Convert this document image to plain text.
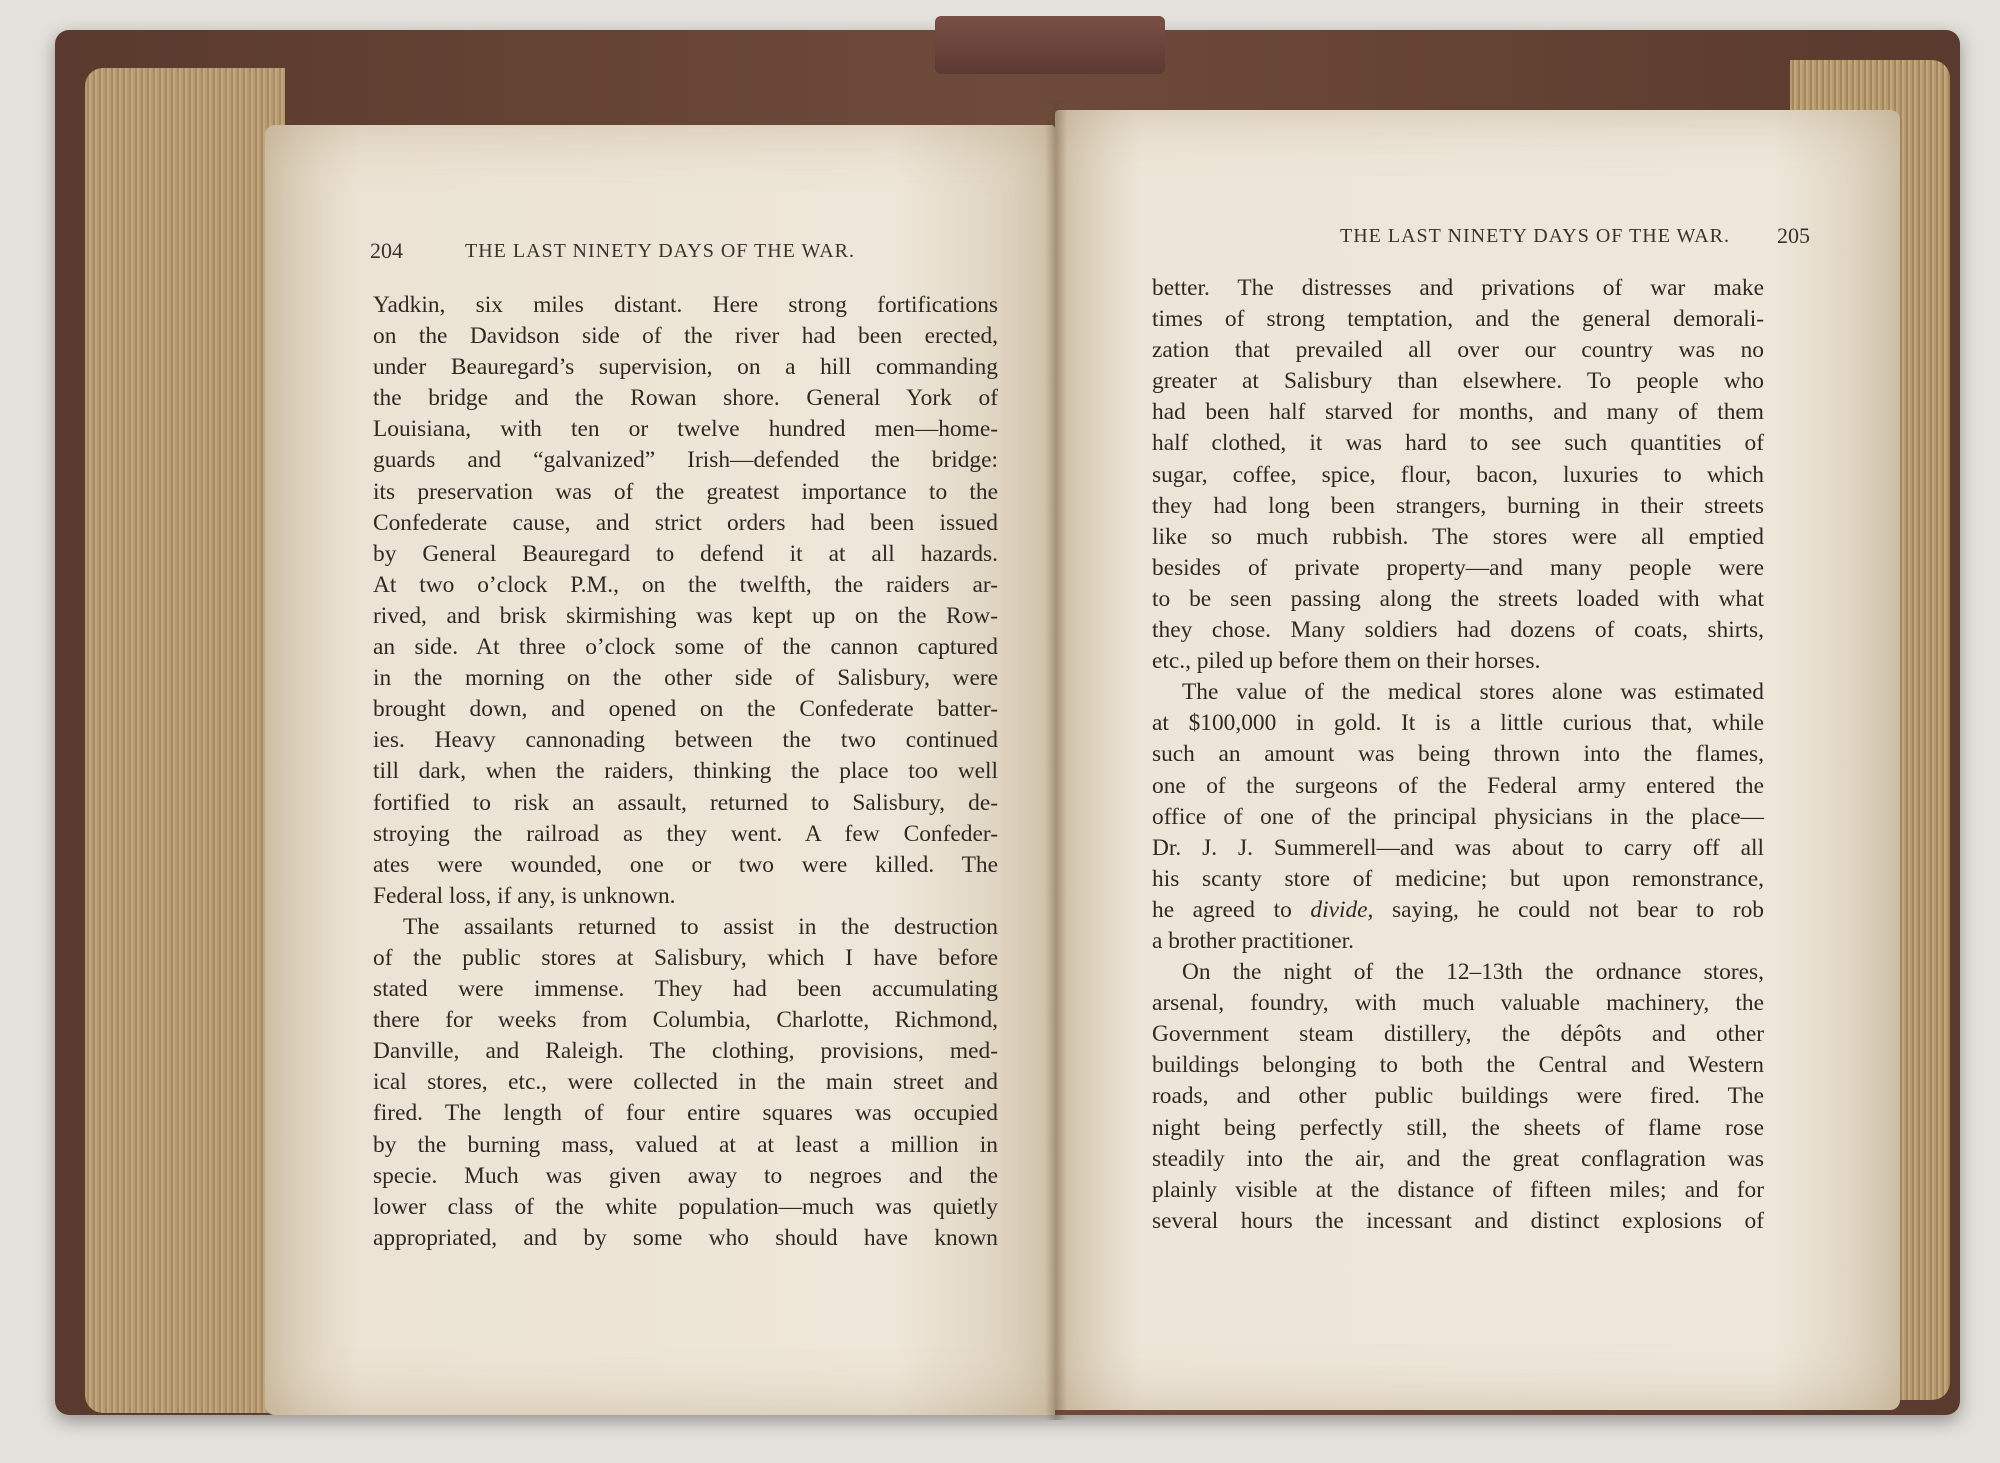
204	THE LAST NINETY DAYS OF THE WAR.
Yadkin, six miles distant. Here strong fortifications
on the Davidson side of the river had been erected,
under Beauregard’s supervision, on a hill commanding
the bridge and the Rowan shore. General York of
Louisiana, with ten or twelve hundred men—home-
guards and “galvanized” Irish—defended the bridge:
its preservation was of the greatest importance to the
Confederate cause, and strict orders had been issued
by General Beauregard to defend it at all hazards.
At two o’clock P.M., on the twelfth, the raiders ar-
rived, and brisk skirmishing was kept up on the Row-
an side. At three o’clock some of the cannon captured
in the morning on the other side of Salisbury, were
brought down, and opened on the Confederate batter-
ies. Heavy cannonading between the two continued
till dark, when the raiders, thinking the place too well
fortified to risk an assault, returned to Salisbury, de-
stroying the railroad as they went. A few Confeder-
ates were wounded, one or two were killed. The
Federal loss, if any, is unknown.
The assailants returned to assist in the destruction
of the public stores at Salisbury, which I have before
stated were immense. They had been accumulating
there for weeks from Columbia, Charlotte, Richmond,
Danville, and Raleigh. The clothing, provisions, med-
ical stores, etc., were collected in the main street and
fired. The length of four entire squares was occupied
by the burning mass, valued at at least a million in
specie. Much was given away to negroes and the
lower class of the white population—much was quietly
appropriated, and by some who should have known
THE LAST NINETY DAYS OF THE WAR. 205
better. The distresses and privations of war make
times of strong temptation, and the general demorali-
zation that prevailed all over our country was no
greater at Salisbury than elsewhere. To people who
had been half starved for months, and many of them
half clothed, it was hard to see such quantities of
sugar, coffee, spice, flour, bacon, luxuries to which
they had long been strangers, burning in their streets
like so much rubbish. The stores were all emptied
besides of private property—and many people were
to be seen passing along the streets loaded with what
they chose. Many soldiers had dozens of coats, shirts,
etc., piled up before them on their horses.
The value of the medical stores alone was estimated
at $100,000 in gold. It is a little curious that, while
such an amount was being thrown into the flames,
one of the surgeons of the Federal army entered the
office of one of the principal physicians in the place—
Dr. J. J. Summerell—and was about to carry off all
his scanty store of medicine; but upon remonstrance,
he agreed to divide, saying, he could not bear to rob
a brother practitioner.
On the night of the 12–13th the ordnance stores,
arsenal, foundry, with much valuable machinery, the
Government steam distillery, the dépôts and other
buildings belonging to both the Central and Western
roads, and other public buildings were fired. The
night being perfectly still, the sheets of flame rose
steadily into the air, and the great conflagration was
plainly visible at the distance of fifteen miles; and for
several hours the incessant and distinct explosions of
